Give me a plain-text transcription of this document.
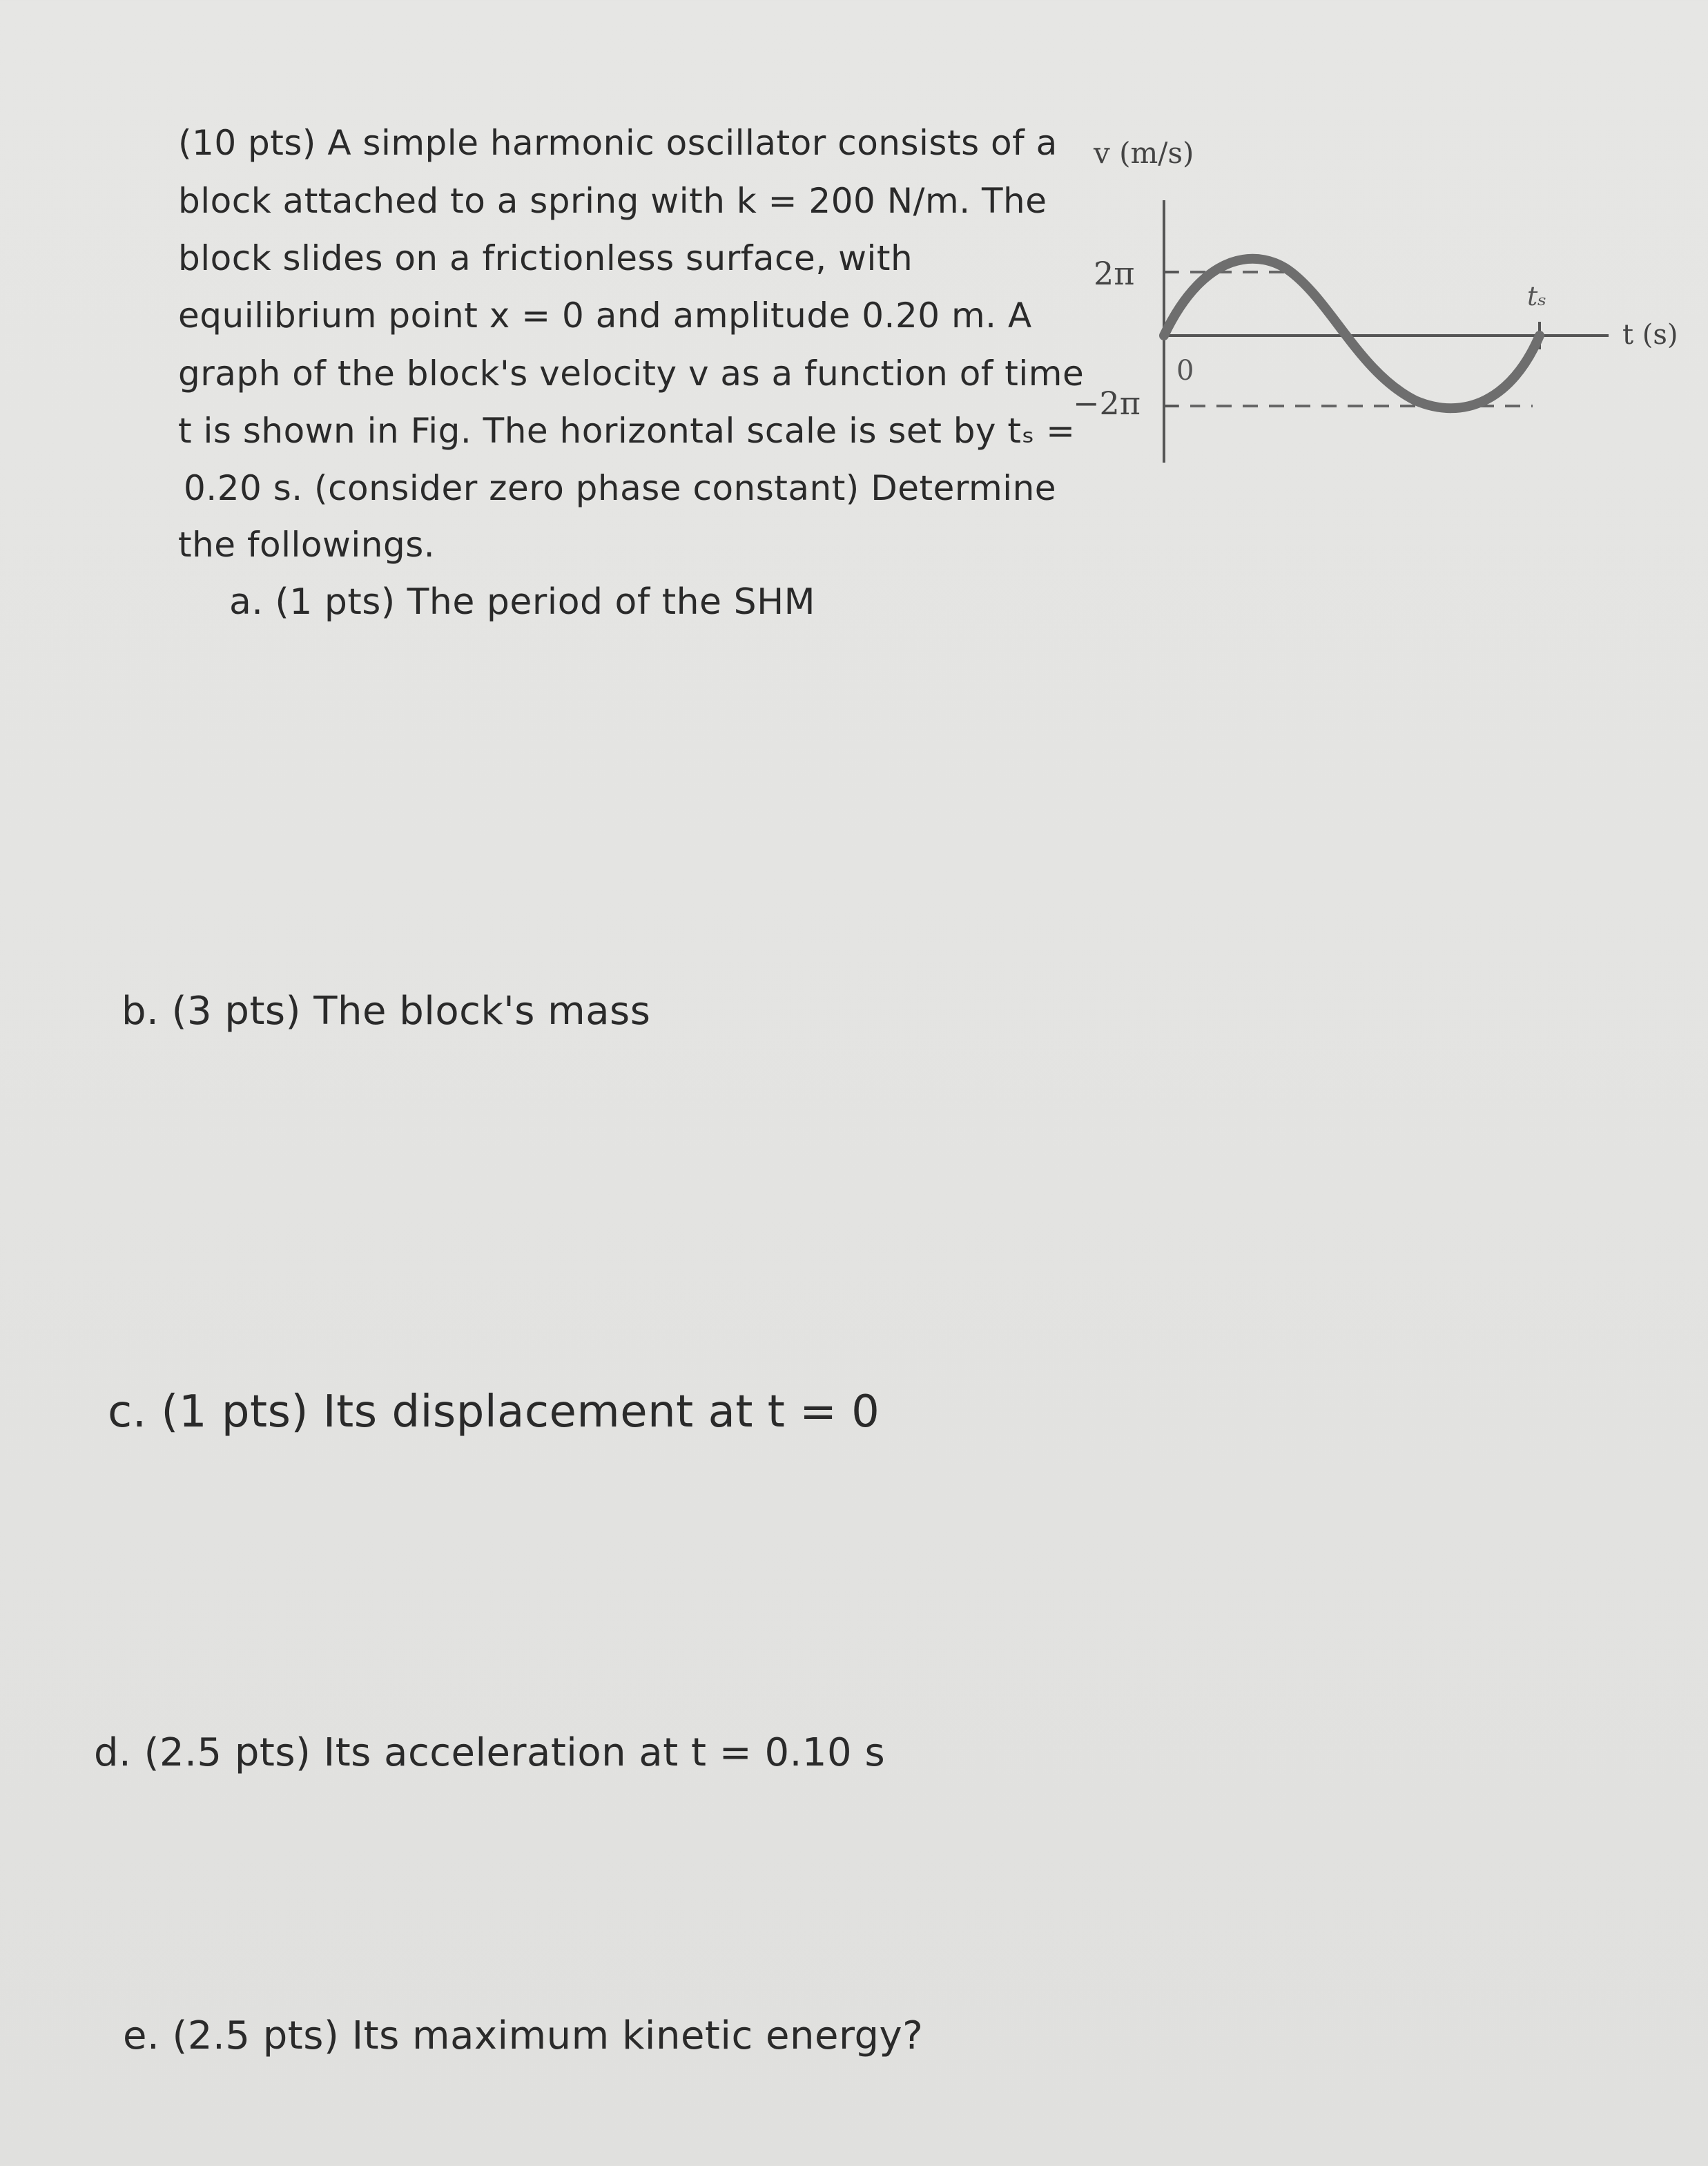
(10 pts) A simple harmonic oscillator consists of a
block attached to a spring with k = 200 N/m. The
block slides on a frictionless surface, with
equilibrium point x = 0 and amplitude 0.20 m. A
graph of the block's velocity v as a function of time
t is shown in Fig. The horizontal scale is set by tₛ =
0.20 s. (consider zero phase constant) Determine
the followings.
a. (1 pts) The period of the SHM
b. (3 pts) The block's mass
c. (1 pts) Its displacement at t = 0
d. (2.5 pts) Its acceleration at t = 0.10 s
e. (2.5 pts) Its maximum kinetic energy?
v (m/s)
2π
−2π
0
tₛ
t (s)
